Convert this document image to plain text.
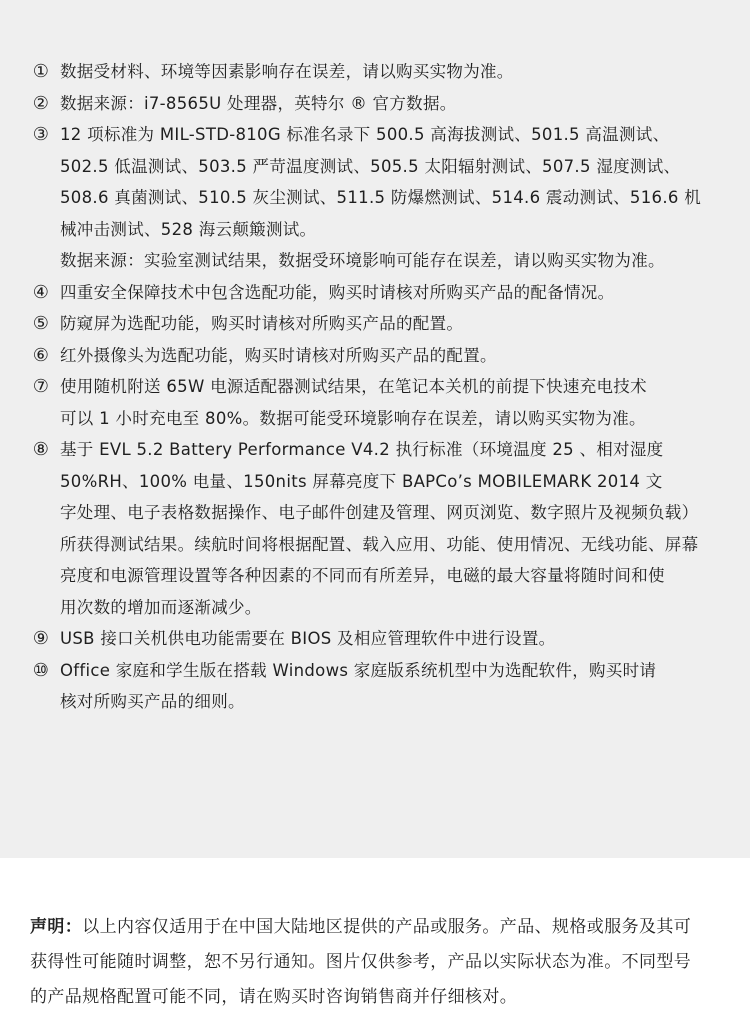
① 数据受材料、环境等因素影响存在误差，请以购买实物为准。
② 数据来源：i7-8565U 处理器，英特尔 ® 官方数据。
③ 12 项标准为 MIL-STD-810G 标准名录下 500.5 高海拔测试、501.5 高温测试、
502.5 低温测试、503.5 严苛温度测试、505.5 太阳辐射测试、507.5 湿度测试、
508.6 真菌测试、510.5 灰尘测试、511.5 防爆燃测试、514.6 震动测试、516.6 机
械冲击测试、528 海云颠簸测试。
数据来源：实验室测试结果，数据受环境影响可能存在误差，请以购买实物为准。
④ 四重安全保障技术中包含选配功能，购买时请核对所购买产品的配备情况。
⑤ 防窥屏为选配功能，购买时请核对所购买产品的配置。
⑥ 红外摄像头为选配功能，购买时请核对所购买产品的配置。
⑦ 使用随机附送 65W 电源适配器测试结果，在笔记本关机的前提下快速充电技术
可以 1 小时充电至 80%。数据可能受环境影响存在误差，请以购买实物为准。
⑧ 基于 EVL 5.2 Battery Performance V4.2 执行标准（环境温度 25 、相对湿度
50%RH、100% 电量、150nits 屏幕亮度下 BAPCo’s MOBILEMARK 2014 文
字处理、电子表格数据操作、电子邮件创建及管理、网页浏览、数字照片及视频负载）
所获得测试结果。续航时间将根据配置、载入应用、功能、使用情况、无线功能、屏幕
亮度和电源管理设置等各种因素的不同而有所差异，电磁的最大容量将随时间和使
用次数的增加而逐渐减少。
⑨ USB 接口关机供电功能需要在 BIOS 及相应管理软件中进行设置。
⑩ Office 家庭和学生版在搭载 Windows 家庭版系统机型中为选配软件，购买时请
核对所购买产品的细则。
声明：以上内容仅适用于在中国大陆地区提供的产品或服务。产品、规格或服务及其可
获得性可能随时调整，恕不另行通知。图片仅供参考，产品以实际状态为准。不同型号
的产品规格配置可能不同，请在购买时咨询销售商并仔细核对。
